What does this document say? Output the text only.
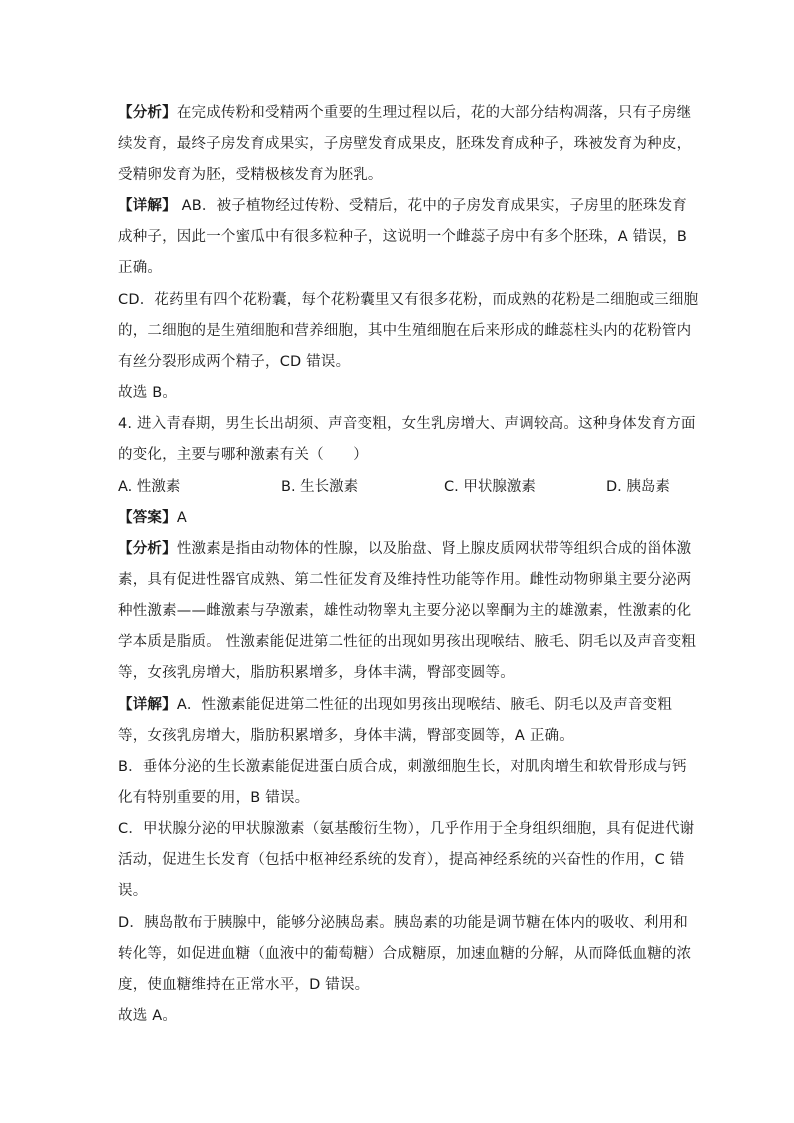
【分析】在完成传粉和受精两个重要的生理过程以后，花的大部分结构凋落，只有子房继
续发育，最终子房发育成果实，子房壁发育成果皮，胚珠发育成种子，珠被发育为种皮，
受精卵发育为胚，受精极核发育为胚乳。
【详解】 AB．被子植物经过传粉、受精后，花中的子房发育成果实，子房里的胚珠发育
成种子，因此一个蜜瓜中有很多粒种子，这说明一个雌蕊子房中有多个胚珠，A 错误，B
正确。
CD．花药里有四个花粉囊，每个花粉囊里又有很多花粉，而成熟的花粉是二细胞或三细胞
的，二细胞的是生殖细胞和营养细胞，其中生殖细胞在后来形成的雌蕊柱头内的花粉管内
有丝分裂形成两个精子，CD 错误。
故选 B。
4. 进入青春期，男生长出胡须、声音变粗，女生乳房增大、声调较高。这种身体发育方面
的变化，主要与哪种激素有关（　　）
A. 性激素	B. 生长激素	C. 甲状腺激素	D. 胰岛素
【答案】A
【分析】性激素是指由动物体的性腺，以及胎盘、肾上腺皮质网状带等组织合成的甾体激
素，具有促进性器官成熟、第二性征发育及维持性功能等作用。雌性动物卵巢主要分泌两
种性激素——雌激素与孕激素，雄性动物睾丸主要分泌以睾酮为主的雄激素，性激素的化
学本质是脂质。 性激素能促进第二性征的出现如男孩出现喉结、腋毛、阴毛以及声音变粗
等，女孩乳房增大，脂肪积累增多，身体丰满，臀部变圆等。
【详解】A．性激素能促进第二性征的出现如男孩出现喉结、腋毛、阴毛以及声音变粗
等，女孩乳房增大，脂肪积累增多，身体丰满，臀部变圆等，A 正确。
B．垂体分泌的生长激素能促进蛋白质合成，刺激细胞生长，对肌肉增生和软骨形成与钙
化有特别重要的用，B 错误。
C．甲状腺分泌的甲状腺激素（氨基酸衍生物），几乎作用于全身组织细胞，具有促进代谢
活动，促进生长发育（包括中枢神经系统的发育），提高神经系统的兴奋性的作用，C 错
误。
D．胰岛散布于胰腺中，能够分泌胰岛素。胰岛素的功能是调节糖在体内的吸收、利用和
转化等，如促进血糖（血液中的葡萄糖）合成糖原，加速血糖的分解，从而降低血糖的浓
度，使血糖维持在正常水平，D 错误。
故选 A。
